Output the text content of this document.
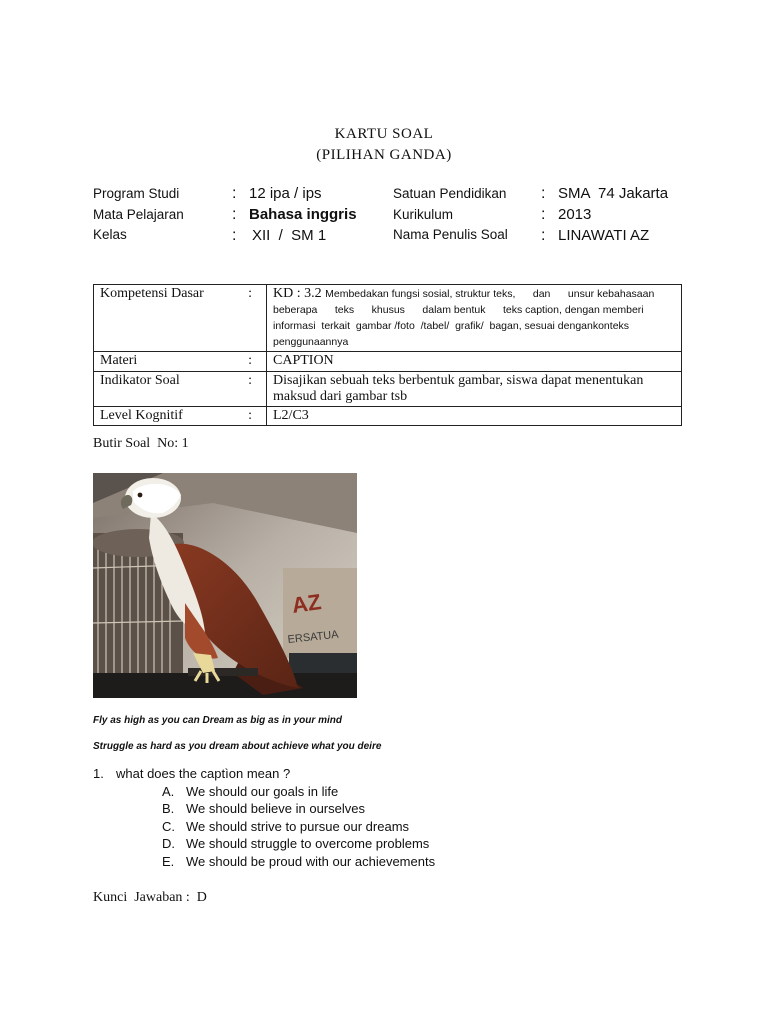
KARTU SOAL
(PILIHAN GANDA)
Program Studi	: 12 ipa / ips
Mata Pelajaran	: Bahasa inggris
Kelas	: XII  /  SM 1
Satuan Pendidikan : SMA  74 Jakarta
Kurikulum	: 2013
Nama Penulis Soal : LINAWATI AZ
Kompetensi Dasar :	KD : 3.2 Membedakan fungsi sosial, struktur teks,      dan      unsur kebahasaan beberapa      teks      khusus      dalam bentuk      teks caption, dengan memberi  informasi  terkait  gambar /foto  /tabel/  grafik/  bagan, sesuai dengankonteks penggunaannya
Materi :	CAPTION
Indikator Soal :	Disajikan sebuah teks berbentuk gambar, siswa dapat menentukan maksud dari gambar tsb
Level Kognitif :	L2/C3
Butir Soal  No: 1
AZ
ERSATUA
Fly as high as you can Dream as big as in your mind
Struggle as hard as you dream about achieve what you deire
1. what does the captìon mean ?
A. We should our goals in life
B. We should believe in ourselves
C. We should strive to pursue our dreams
D. We should struggle to overcome problems
E. We should be proud with our achievements
Kunci  Jawaban :  D
